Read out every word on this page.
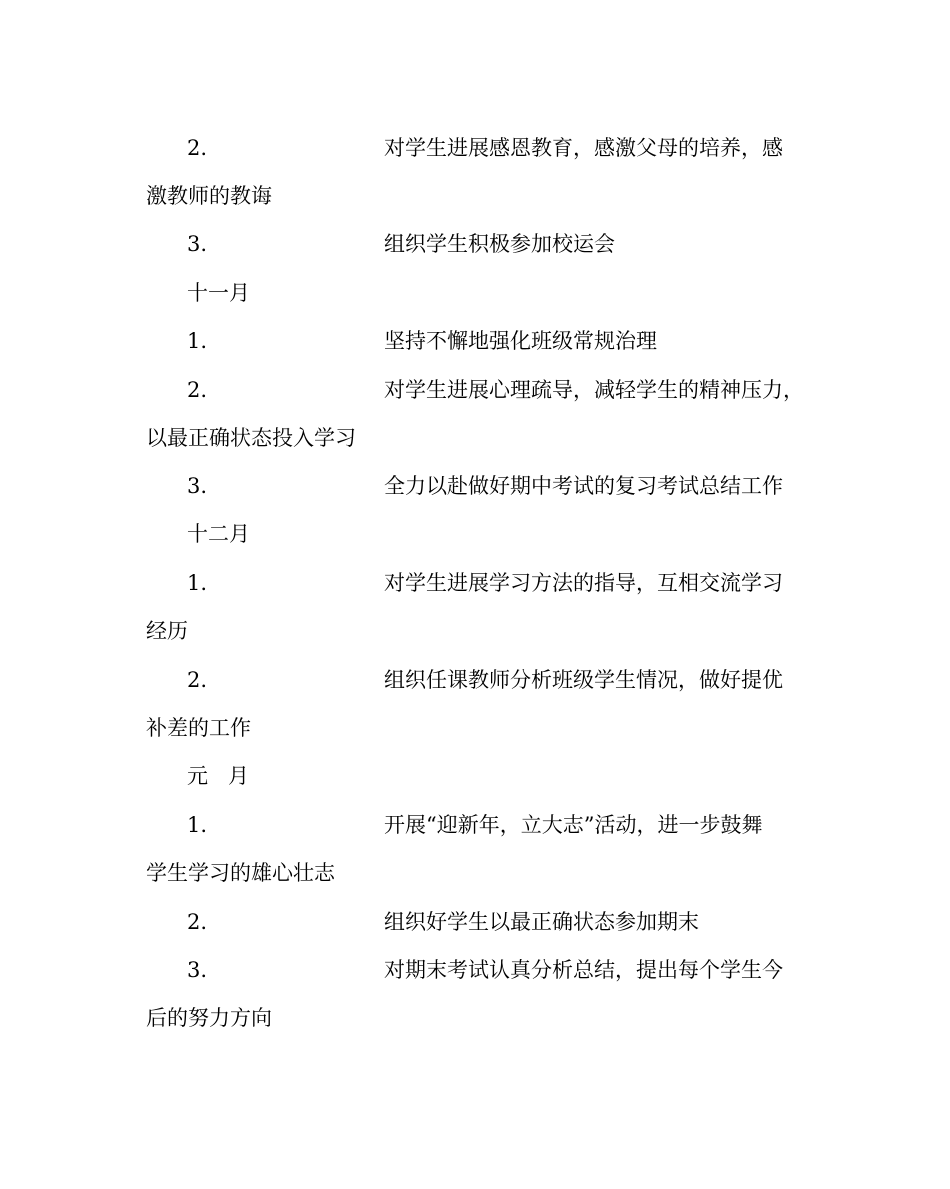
2.	对学生进展感恩教育，感激父母的培养，感
激教师的教诲
3.	组织学生积极参加校运会
十一月
1.	坚持不懈地强化班级常规治理
2.	对学生进展心理疏导，减轻学生的精神压力，
以最正确状态投入学习
3.	全力以赴做好期中考试的复习考试总结工作
十二月
1.	对学生进展学习方法的指导，互相交流学习
经历
2.	组织任课教师分析班级学生情况，做好提优
补差的工作
元月
1.	开展“迎新年，立大志”活动，进一步鼓舞
学生学习的雄心壮志
2.	组织好学生以最正确状态参加期末
3.	对期末考试认真分析总结，提出每个学生今
后的努力方向
